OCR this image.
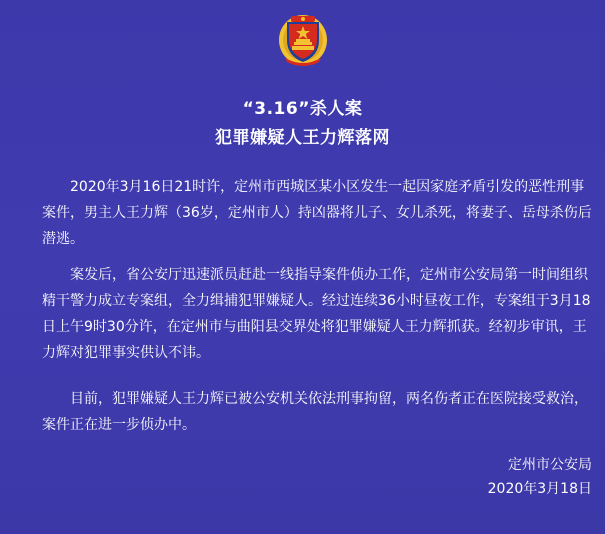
“3.16”杀人案
犯罪嫌疑人王力辉落网

　　2020年3月16日21时许，定州市西城区某小区发生一起因家庭矛盾引发的恶性刑事案件，男主人王力辉（36岁，定州市人）持凶器将儿子、女儿杀死，将妻子、岳母杀伤后潜逃。

　　案发后，省公安厅迅速派员赶赴一线指导案件侦办工作，定州市公安局第一时间组织精干警力成立专案组，全力缉捕犯罪嫌疑人。经过连续36小时昼夜工作，专案组于3月18日上午9时30分许，在定州市与曲阳县交界处将犯罪嫌疑人王力辉抓获。经初步审讯，王力辉对犯罪事实供认不讳。

　　目前，犯罪嫌疑人王力辉已被公安机关依法刑事拘留，两名伤者正在医院接受救治，案件正在进一步侦办中。

定州市公安局
2020年3月18日
